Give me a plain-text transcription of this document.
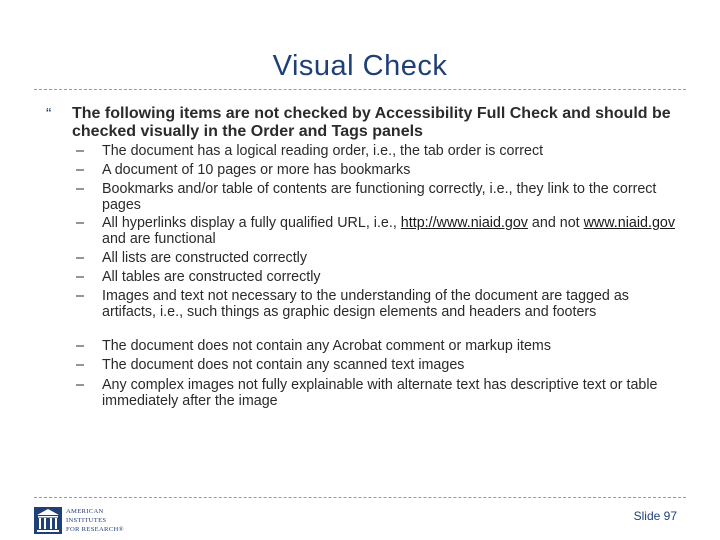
Visual Check
“ The following items are not checked by Accessibility Full Check and should be checked visually in the Order and Tags panels
–	The document has a logical reading order, i.e., the tab order is correct
–	A document of 10 pages or more has bookmarks
–	Bookmarks and/or table of contents are functioning correctly, i.e., they link to the correct pages
–	All hyperlinks display a fully qualified URL, i.e., http://www.niaid.gov and not www.niaid.gov and are functional
–	All lists are constructed correctly
–	All tables are constructed correctly
–	Images and text not necessary to the understanding of the document are tagged as artifacts, i.e., such things as graphic design elements and headers and footers
–	The document does not contain any Acrobat comment or markup items
–	The document does not contain any scanned text images
–	Any complex images not fully explainable with alternate text has descriptive text or table immediately after the image
AMERICAN
INSTITUTES
FOR RESEARCH®
Slide 97
